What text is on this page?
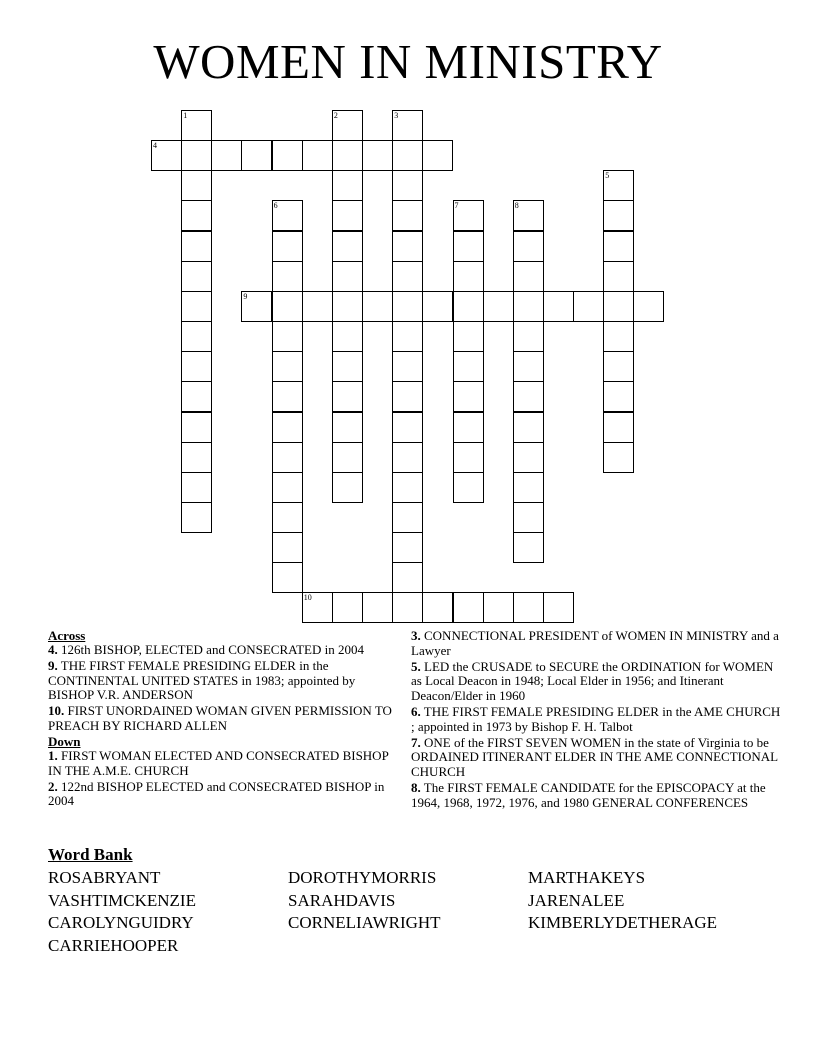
WOMEN IN MINISTRY
1	2	3
4
5
6	7	8
9
10
Across
4. 126th BISHOP, ELECTED and CONSECRATED in 2004
9. THE FIRST FEMALE PRESIDING ELDER in the CONTINENTAL UNITED STATES in 1983; appointed by BISHOP V.R. ANDERSON
10. FIRST UNORDAINED WOMAN GIVEN PERMISSION TO PREACH BY RICHARD ALLEN
Down
1. FIRST WOMAN ELECTED AND CONSECRATED BISHOP IN THE A.M.E. CHURCH
2. 122nd BISHOP ELECTED and CONSECRATED BISHOP in 2004
3. CONNECTIONAL PRESIDENT of WOMEN IN MINISTRY and a Lawyer
5. LED the CRUSADE to SECURE the ORDINATION for WOMEN as Local Deacon in 1948; Local Elder in 1956; and Itinerant Deacon/Elder in 1960
6. THE FIRST FEMALE PRESIDING ELDER in the AME CHURCH ; appointed in 1973 by Bishop F. H. Talbot
7. ONE of the FIRST SEVEN WOMEN in the state of Virginia to be ORDAINED ITINERANT ELDER IN THE AME CONNECTIONAL CHURCH
8. The FIRST FEMALE CANDIDATE for the EPISCOPACY at the 1964, 1968, 1972, 1976, and 1980 GENERAL CONFERENCES
Word Bank
ROSABRYANT	DOROTHYMORRIS	MARTHAKEYS
VASHTIMCKENZIE	SARAHDAVIS	JARENALEE
CAROLYNGUIDRY	CORNELIAWRIGHT	KIMBERLYDETHERAGE
CARRIEHOOPER
